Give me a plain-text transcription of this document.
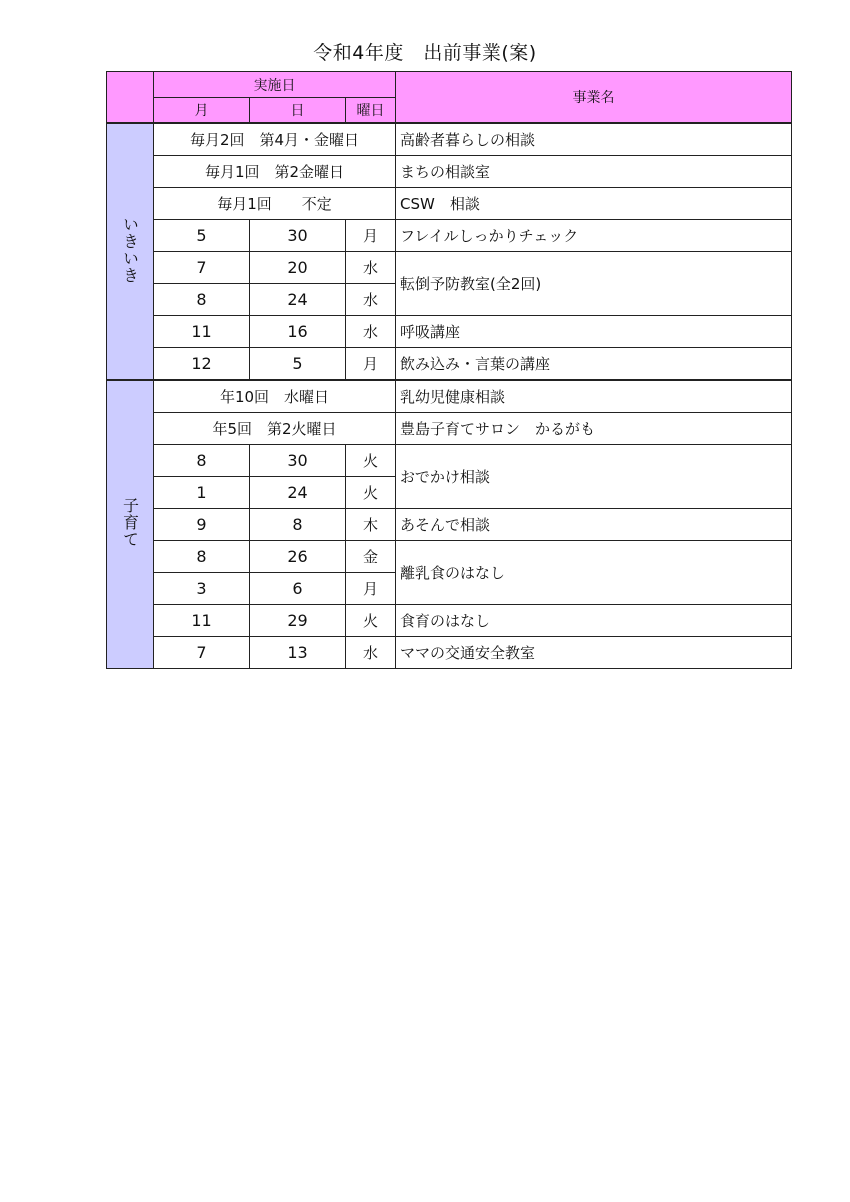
令和4年度　出前事業(案)
	実施日			事業名
	月	日	曜日	
いきいき	毎月2回　第4月・金曜日			高齢者暮らしの相談
	毎月1回　第2金曜日			まちの相談室
	毎月1回　　不定			CSW　相談
	5	30	月	フレイルしっかりチェック
	7	20	水	転倒予防教室(全2回)
	8	24	水	
	11	16	水	呼吸講座
	12	5	月	飲み込み・言葉の講座
子育て	年10回　水曜日			乳幼児健康相談
	年5回　第2火曜日			豊島子育てサロン　かるがも
	8	30	火	おでかけ相談
	1	24	火	
	9	8	木	あそんで相談
	8	26	金	離乳食のはなし
	3	6	月	
	11	29	火	食育のはなし
	7	13	水	ママの交通安全教室
